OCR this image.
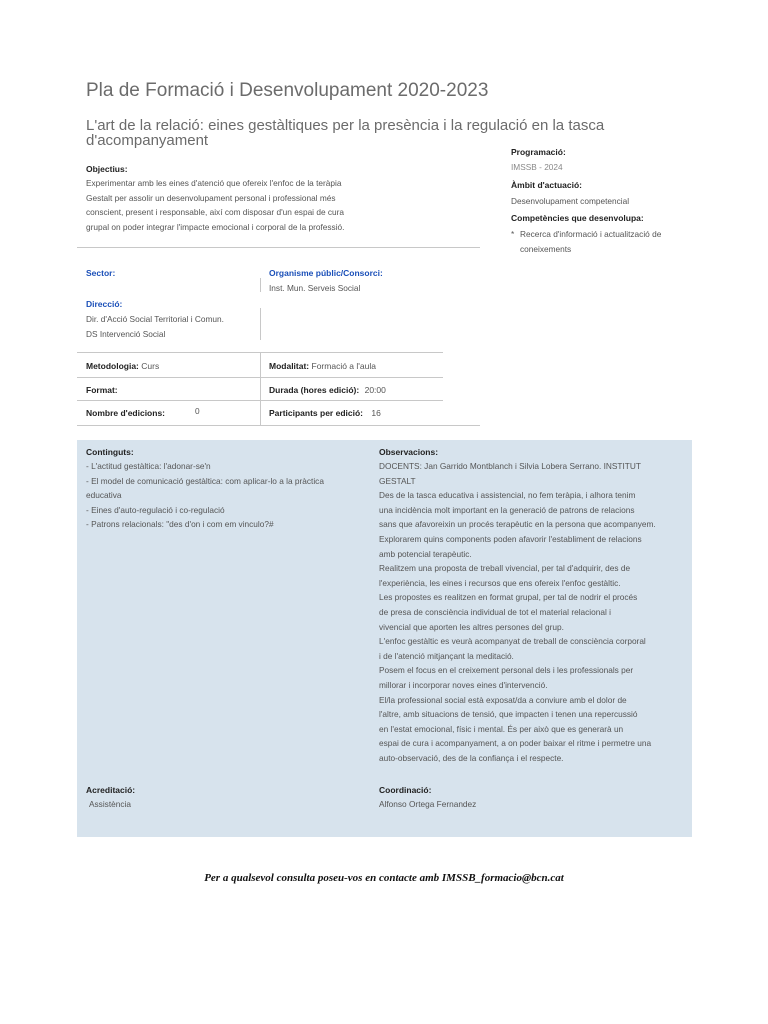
Pla de Formació i Desenvolupament 2020-2023
L'art de la relació: eines gestàltiques per la presència i la regulació en la tasca d'acompanyament
Objectius:
Experimentar amb les eines d'atenció que ofereix l'enfoc de la teràpia
Gestalt per assolir un desenvolupament personal i professional més
conscient, present i responsable, així com disposar d'un espai de cura
grupal on poder integrar l'impacte emocional i corporal de la professió.
Programació:
IMSSB - 2024
Àmbit d'actuació:
Desenvolupament competencial
Competències que desenvolupa:
* Recerca d'informació i actualització de
coneixements
Sector:	Organisme públic/Consorci:
Inst. Mun. Serveis Social
Direcció:
Dir. d'Acció Social Territorial i Comun.
DS Intervenció Social
Metodologia: Curs	Modalitat: Formació a l'aula
Format:	Durada (hores edició): 20:00
Nombre d'edicions:	0	Participants per edició: 16
Continguts:
- L'actitud gestàltica: l'adonar-se'n
- El model de comunicació gestàltica: com aplicar-lo a la pràctica
educativa
- Eines d'auto-regulació i co-regulació
- Patrons relacionals: "des d'on i com em vinculo?#
Observacions:
DOCENTS: Jan Garrido Montblanch i Silvia Lobera Serrano. INSTITUT
GESTALT
Des de la tasca educativa i assistencial, no fem teràpia, i alhora tenim
una incidència molt important en la generació de patrons de relacions
sans que afavoreixin un procés terapèutic en la persona que acompanyem.
Explorarem quins components poden afavorir l'establiment de relacions
amb potencial terapèutic.
Realitzem una proposta de treball vivencial, per tal d'adquirir, des de
l'experiència, les eines i recursos que ens ofereix l'enfoc gestàltic.
Les propostes es realitzen en format grupal, per tal de nodrir el procés
de presa de consciència individual de tot el material relacional i
vivencial que aporten les altres persones del grup.
L'enfoc gestàltic es veurà acompanyat de treball de consciència corporal
i de l'atenció mitjançant la meditació.
Posem el focus en el creixement personal dels i les professionals per
millorar i incorporar noves eines d'intervenció.
El/la professional social està exposat/da a conviure amb el dolor de
l'altre, amb situacions de tensió, que impacten i tenen una repercussió
en l'estat emocional, físic i mental. És per això que es generarà un
espai de cura i acompanyament, a on poder baixar el ritme i permetre una
auto-observació, des de la confiança i el respecte.
Acreditació:
Assistència
Coordinació:
Alfonso Ortega Fernandez
Per a qualsevol consulta poseu-vos en contacte amb IMSSB_formacio@bcn.cat
